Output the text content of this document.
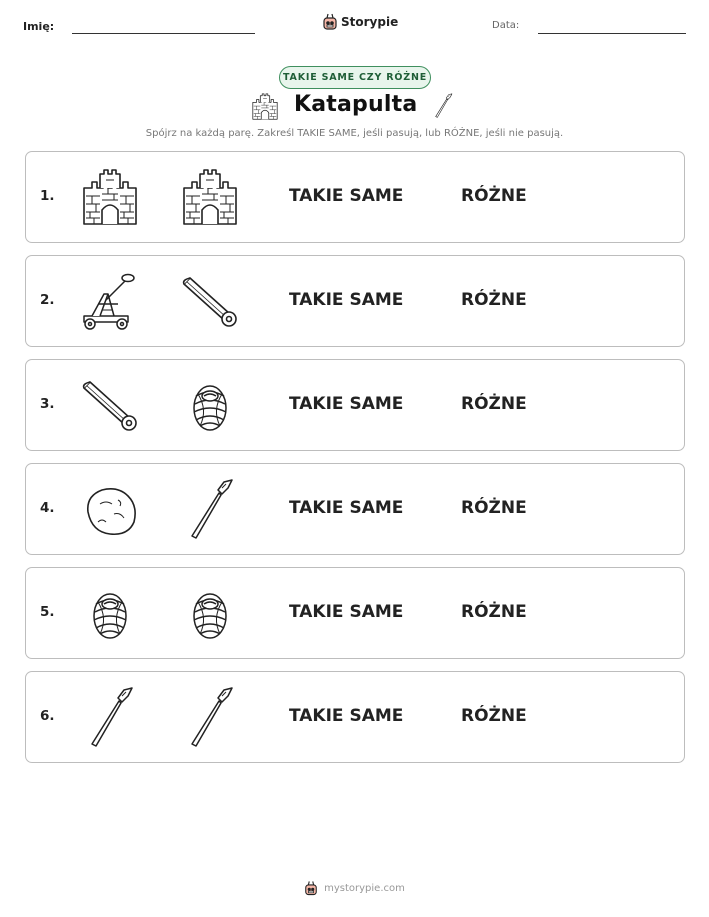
Imię:	Storypie	Data:
TAKIE SAME CZY RÓŻNE
Katapulta
Spójrz na każdą parę. Zakreśl TAKIE SAME, jeśli pasują, lub RÓŻNE, jeśli nie pasują.
1.	TAKIE SAME	RÓŻNE
2.	TAKIE SAME	RÓŻNE
3.	TAKIE SAME	RÓŻNE
4.	TAKIE SAME	RÓŻNE
5.	TAKIE SAME	RÓŻNE
6.	TAKIE SAME	RÓŻNE
mystorypie.com
